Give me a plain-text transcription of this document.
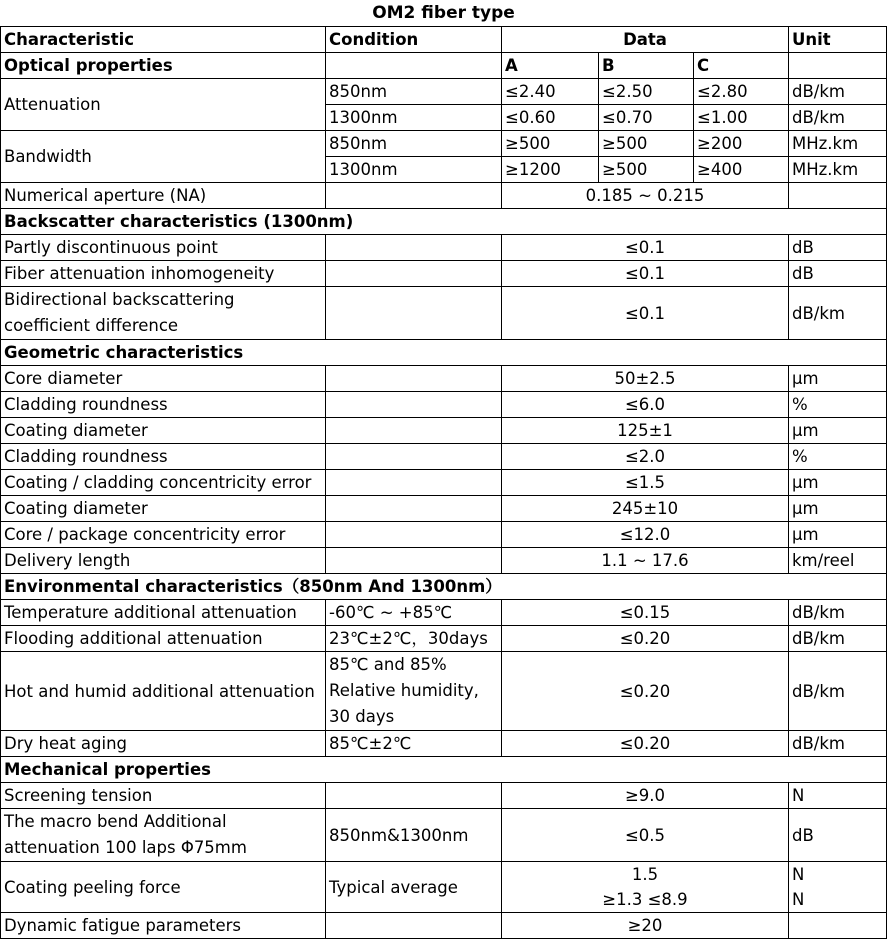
OM2 fiber type
Characteristic	Condition	Data			Unit
Optical properties		A	B	C	
Attenuation	850nm	≤2.40	≤2.50	≤2.80	dB/km
	1300nm	≤0.60	≤0.70	≤1.00	dB/km
Bandwidth	850nm	≥500	≥500	≥200	MHz.km
	1300nm	≥1200	≥500	≥400	MHz.km
Numerical aperture (NA)		0.185 ~ 0.215			
Backscatter characteristics (1300nm)					
Partly discontinuous point		≤0.1			dB
Fiber attenuation inhomogeneity		≤0.1			dB
Bidirectional backscattering coefficient difference		≤0.1			dB/km
Geometric characteristics					
Core diameter		50±2.5			μm
Cladding roundness		≤6.0			%
Coating diameter		125±1			μm
Cladding roundness		≤2.0			%
Coating / cladding concentricity error		≤1.5			μm
Coating diameter		245±10			μm
Core / package concentricity error		≤12.0			μm
Delivery length		1.1 ~ 17.6			km/reel
Environmental characteristics（850nm And 1300nm）					
Temperature additional attenuation	-60℃ ~ +85℃	≤0.15			dB/km
Flooding additional attenuation	23℃±2℃，30days	≤0.20			dB/km
Hot and humid additional attenuation	85℃ and 85% Relative humidity, 30 days	≤0.20			dB/km
Dry heat aging	85℃±2℃	≤0.20			dB/km
Mechanical properties					
Screening tension		≥9.0			N
The macro bend Additional attenuation 100 laps Φ75mm	850nm&1300nm	≤0.5			dB
Coating peeling force	Typical average	1.5			N
		≥1.3 ≤8.9			N
Dynamic fatigue parameters		≥20			
